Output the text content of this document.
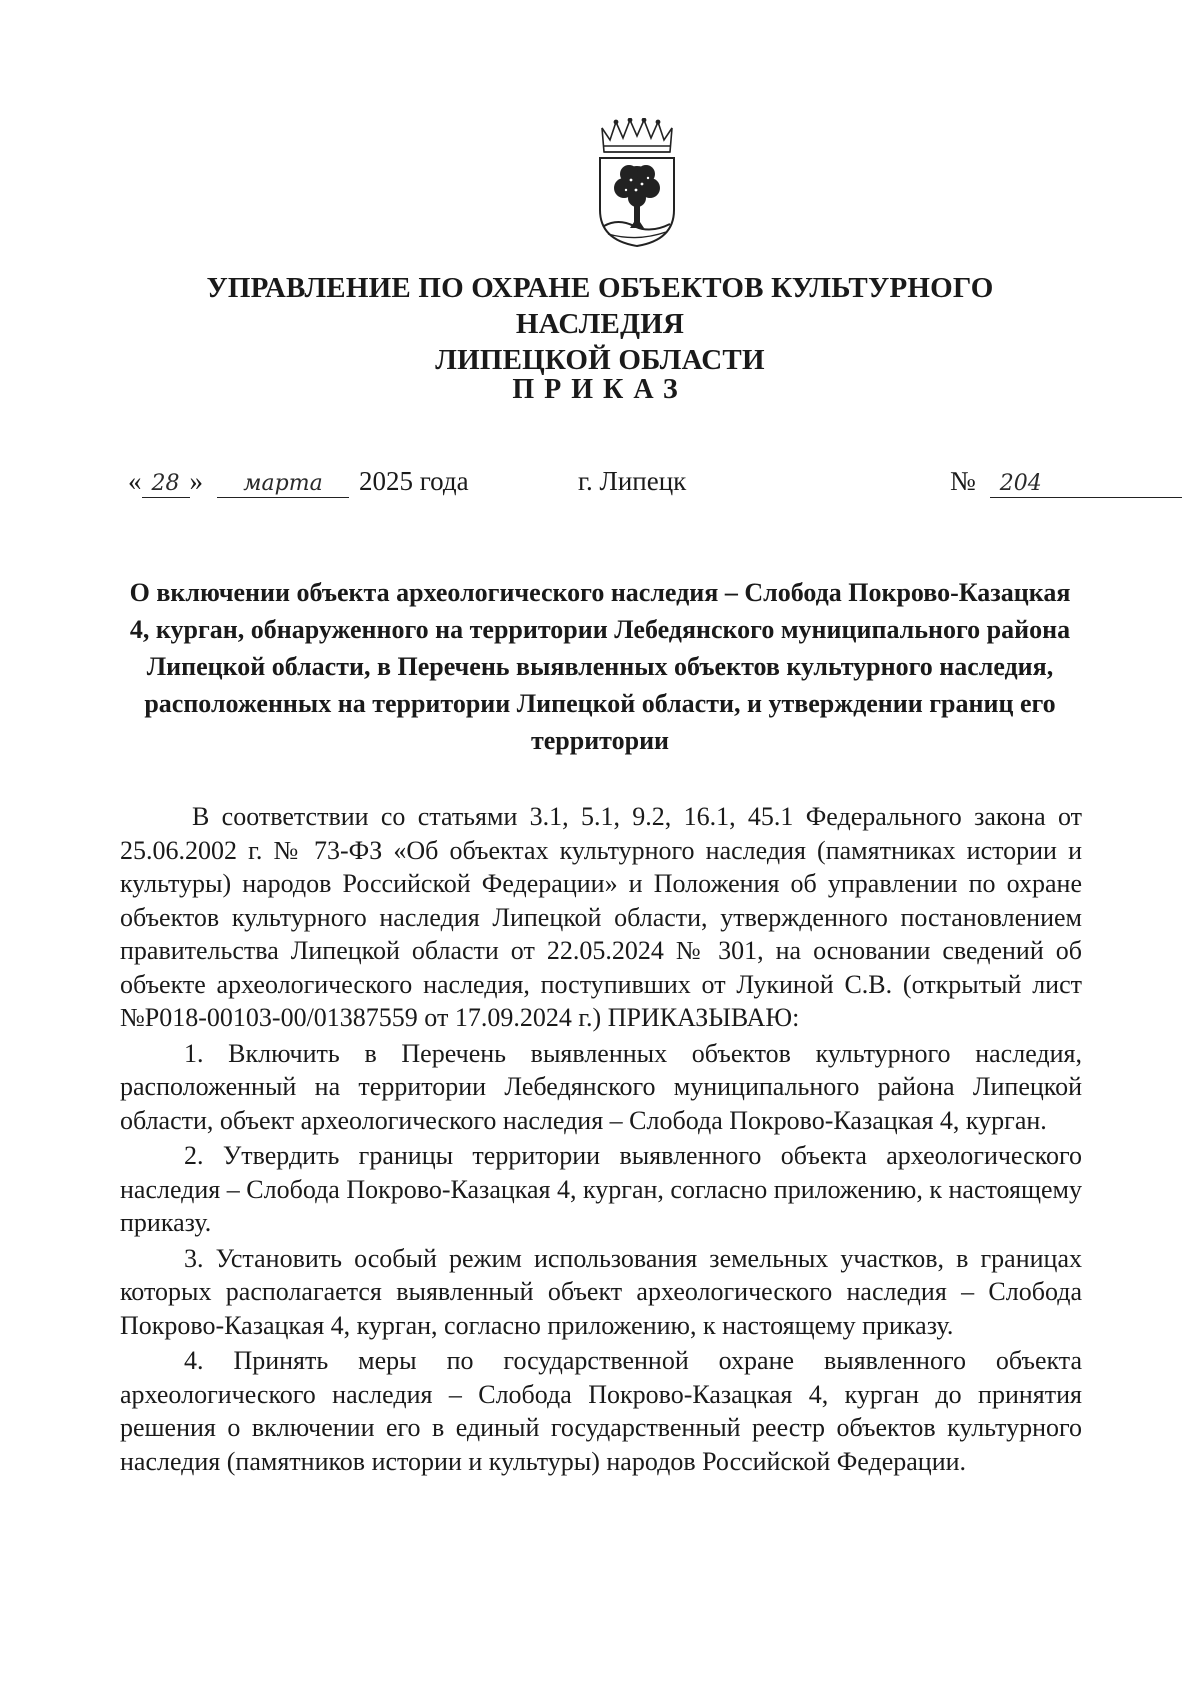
УПРАВЛЕНИЕ ПО ОХРАНЕ ОБЪЕКТОВ КУЛЬТУРНОГО НАСЛЕДИЯ
ЛИПЕЦКОЙ ОБЛАСТИ
ПРИКАЗ
« 28 » марта 2025 года	г. Липецк	№ 204
О включении объекта археологического наследия – Слобода Покрово-Казацкая 4, курган, обнаруженного на территории Лебедянского муниципального района Липецкой области, в Перечень выявленных объектов культурного наследия, расположенных на территории Липецкой области, и утверждении границ его территории

В соответствии со статьями 3.1, 5.1, 9.2, 16.1, 45.1 Федерального закона от 25.06.2002 г. № 73-ФЗ «Об объектах культурного наследия (памятниках истории и культуры) народов Российской Федерации» и Положения об управлении по охране объектов культурного наследия Липецкой области, утвержденного постановлением правительства Липецкой области от 22.05.2024 № 301, на основании сведений об объекте археологического наследия, поступивших от Лукиной С.В. (открытый лист №Р018-00103-00/01387559 от 17.09.2024 г.) ПРИКАЗЫВАЮ:

1. Включить в Перечень выявленных объектов культурного наследия, расположенный на территории Лебедянского муниципального района Липецкой области, объект археологического наследия – Слобода Покрово-Казацкая 4, курган.

2. Утвердить границы территории выявленного объекта археологического наследия – Слобода Покрово-Казацкая 4, курган, согласно приложению, к настоящему приказу.

3. Установить особый режим использования земельных участков, в границах которых располагается выявленный объект археологического наследия – Слобода Покрово-Казацкая 4, курган, согласно приложению, к настоящему приказу.

4. Принять меры по государственной охране выявленного объекта археологического наследия – Слобода Покрово-Казацкая 4, курган до принятия решения о включении его в единый государственный реестр объектов культурного наследия (памятников истории и культуры) народов Российской Федерации.
